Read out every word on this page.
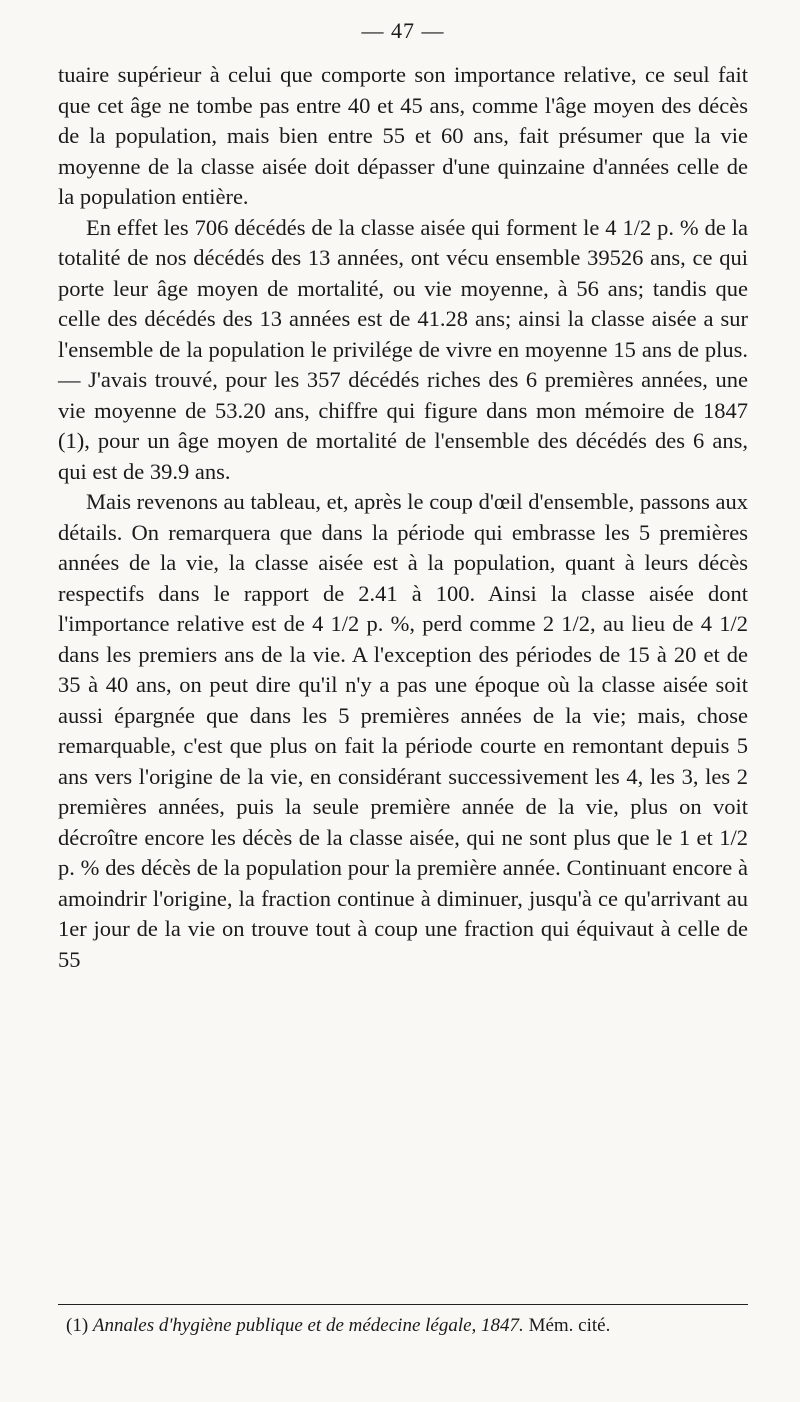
— 47 —

tuaire supérieur à celui que comporte son importance relative, ce seul fait que cet âge ne tombe pas entre 40 et 45 ans, comme l'âge moyen des décès de la population, mais bien entre 55 et 60 ans, fait présumer que la vie moyenne de la classe aisée doit dépasser d'une quinzaine d'années celle de la population entière.

En effet les 706 décédés de la classe aisée qui forment le 4 1/2 p. % de la totalité de nos décédés des 13 années, ont vécu ensemble 39526 ans, ce qui porte leur âge moyen de mortalité, ou vie moyenne, à 56 ans; tandis que celle des décédés des 13 années est de 41.28 ans; ainsi la classe aisée a sur l'ensemble de la population le privilége de vivre en moyenne 15 ans de plus. — J'avais trouvé, pour les 357 décédés riches des 6 premières années, une vie moyenne de 53.20 ans, chiffre qui figure dans mon mémoire de 1847 (1), pour un âge moyen de mortalité de l'ensemble des décédés des 6 ans, qui est de 39.9 ans.

Mais revenons au tableau, et, après le coup d'œil d'ensemble, passons aux détails. On remarquera que dans la période qui embrasse les 5 premières années de la vie, la classe aisée est à la population, quant à leurs décès respectifs dans le rapport de 2.41 à 100. Ainsi la classe aisée dont l'importance relative est de 4 1/2 p. %, perd comme 2 1/2, au lieu de 4 1/2 dans les premiers ans de la vie. A l'exception des périodes de 15 à 20 et de 35 à 40 ans, on peut dire qu'il n'y a pas une époque où la classe aisée soit aussi épargnée que dans les 5 premières années de la vie; mais, chose remarquable, c'est que plus on fait la période courte en remontant depuis 5 ans vers l'origine de la vie, en considérant successivement les 4, les 3, les 2 premières années, puis la seule première année de la vie, plus on voit décroître encore les décès de la classe aisée, qui ne sont plus que le 1 et 1/2 p. % des décès de la population pour la première année. Continuant encore à amoindrir l'origine, la fraction continue à diminuer, jusqu'à ce qu'arrivant au 1er jour de la vie on trouve tout à coup une fraction qui équivaut à celle de 55

(1) Annales d'hygiène publique et de médecine légale, 1847. Mém. cité.
